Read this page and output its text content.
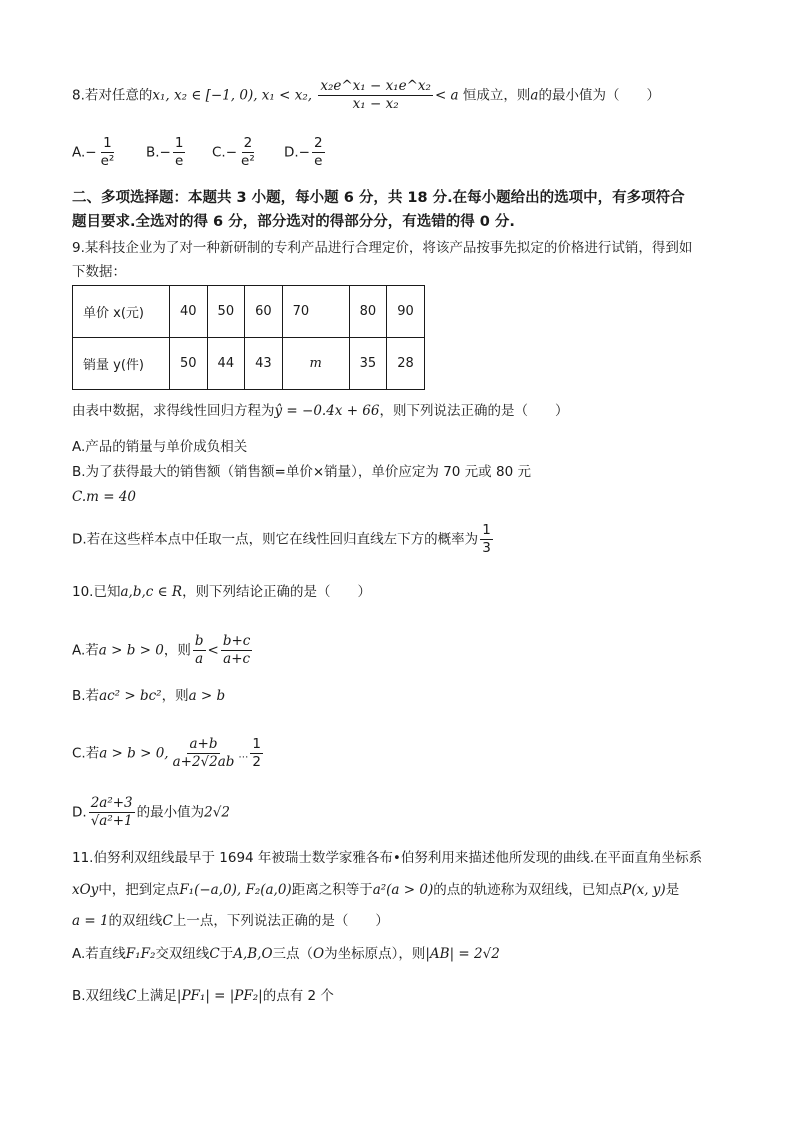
8.若对任意的x₁, x₂ ∈ [−1, 0), x₁ < x₂, $\frac{\text{x₂e\textasciicircum{}x₁ − x₁e\textasciicircum{}x₂}}{\text{x₁ − x₂}} < a$ 恒成立，则a的最小值为（　　）
$A.- \frac{1}{\text{e²}} B.- \frac{1}{e} C.- \frac{2}{\text{e²}} D.- \frac{2}{e}$
二、多项选择题：本题共 3 小题，每小题 6 分，共 18 分.在每小题给出的选项中，有多项符合
题目要求.全选对的得 6 分，部分选对的得部分分，有选错的得 0 分.
9.某科技企业为了对一种新研制的专利产品进行合理定价，将该产品按事先拟定的价格进行试销，得到如
下数据：
单价 x(元)	40	50	60	70	80	90
销量 y(件)	50	44	43	m	35	28
由表中数据，求得线性回归方程为ŷ = −0.4x + 66，则下列说法正确的是（　　）
A.产品的销量与单价成负相关
B.为了获得最大的销售额（销售额=单价×销量），单价应定为 70 元或 80 元
C.m = 40
D.若在这些样本点中任取一点，则它在线性回归直线左下方的概率为 $\frac{1}{3}$
10.已知a,b,c ∈ R，则下列结论正确的是（　　）
A.若a > b > 0，则 $\frac{b}{a} < \frac{b+c}{a+c}$
B.若ac² > bc²，则a > b
C.若a > b > 0, $\frac{a+b}{a+2√2ab}$ … $\frac{1}{2}$
D. $\frac{\text{2a²+3}}{\text{√a²+1}}$ 的最小值为2√2
11.伯努利双纽线最早于 1694 年被瑞士数学家雅各布•伯努利用来描述他所发现的曲线.在平面直角坐标系
xOy中，把到定点F₁(−a,0), F₂(a,0)距离之积等于a²(a > 0)的点的轨迹称为双纽线，已知点P(x, y)是
a = 1的双纽线C上一点，下列说法正确的是（　　）
A.若直线F₁F₂交双纽线C于A,B,O三点（O为坐标原点），则|AB| = 2√2
B.双纽线C上满足|PF₁| = |PF₂|的点有 2 个
